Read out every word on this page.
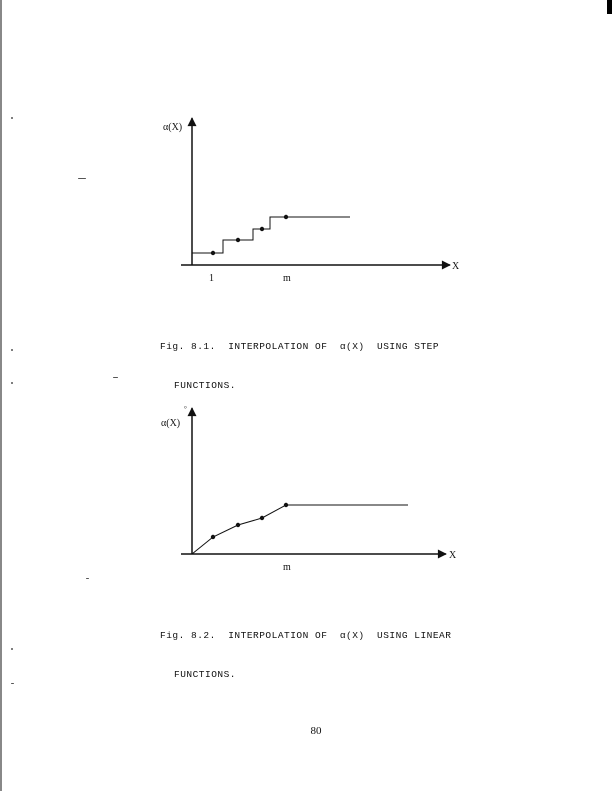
α(X)
X
1	m
α(X)
°
X
m

Fig. 8.1.  INTERPOLATION OF  α(X)  USING STEP

FUNCTIONS.

Fig. 8.2.  INTERPOLATION OF  α(X)  USING LINEAR

FUNCTIONS.

80
